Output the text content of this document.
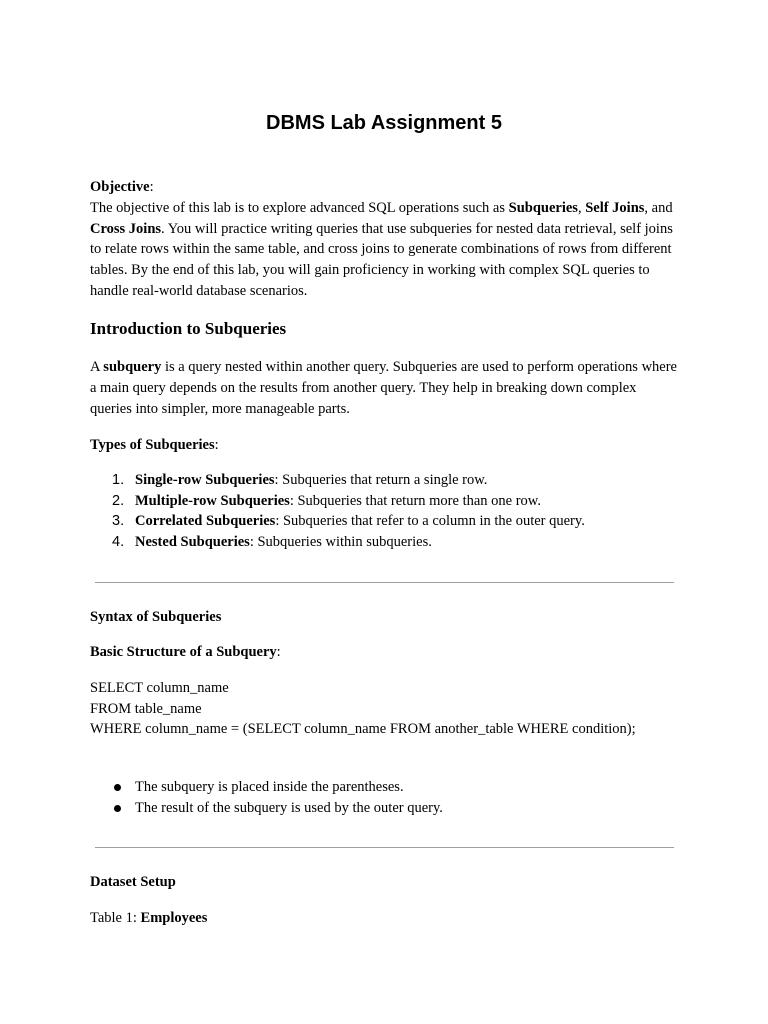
DBMS Lab Assignment 5

Objective:
The objective of this lab is to explore advanced SQL operations such as Subqueries, Self Joins, and Cross Joins. You will practice writing queries that use subqueries for nested data retrieval, self joins to relate rows within the same table, and cross joins to generate combinations of rows from different tables. By the end of this lab, you will gain proficiency in working with complex SQL queries to handle real-world database scenarios.

Introduction to Subqueries

A subquery is a query nested within another query. Subqueries are used to perform operations where a main query depends on the results from another query. They help in breaking down complex queries into simpler, more manageable parts.

Types of Subqueries:

1. Single-row Subqueries: Subqueries that return a single row.
2. Multiple-row Subqueries: Subqueries that return more than one row.
3. Correlated Subqueries: Subqueries that refer to a column in the outer query.
4. Nested Subqueries: Subqueries within subqueries.

Syntax of Subqueries

Basic Structure of a Subquery:

SELECT column_name
FROM table_name
WHERE column_name = (SELECT column_name FROM another_table WHERE condition);
The subquery is placed inside the parentheses.
The result of the subquery is used by the outer query.

Dataset Setup

Table 1: Employees
